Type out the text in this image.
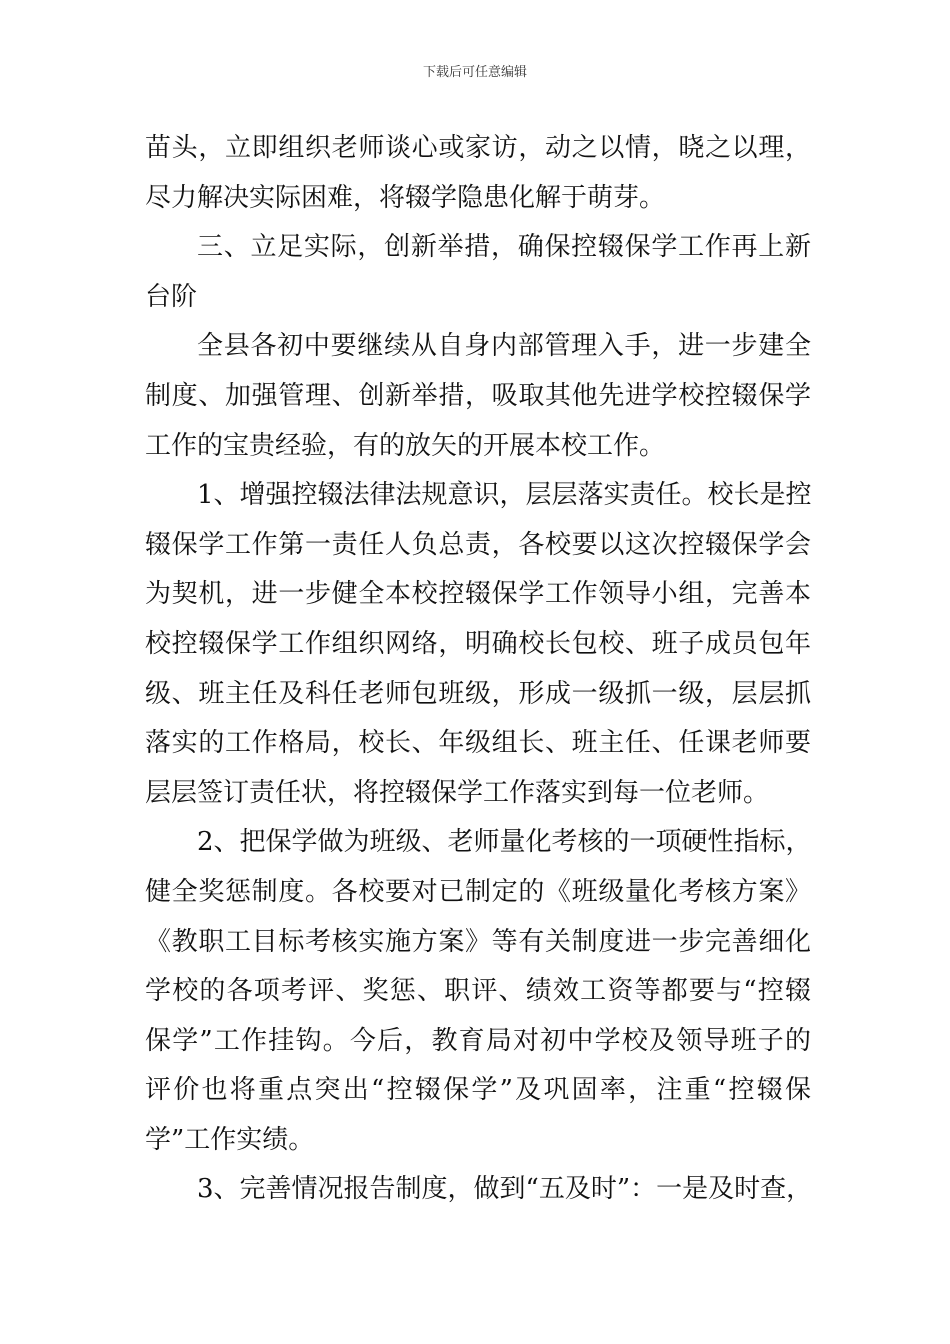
下载后可任意编辑
苗头，立即组织老师谈心或家访，动之以情，晓之以理，
尽力解决实际困难，将辍学隐患化解于萌芽。
三、立足实际，创新举措，确保控辍保学工作再上新
台阶
全县各初中要继续从自身内部管理入手，进一步建全
制度、加强管理、创新举措，吸取其他先进学校控辍保学
工作的宝贵经验，有的放矢的开展本校工作。
1、增强控辍法律法规意识，层层落实责任。校长是控
辍保学工作第一责任人负总责，各校要以这次控辍保学会
为契机，进一步健全本校控辍保学工作领导小组，完善本
校控辍保学工作组织网络，明确校长包校、班子成员包年
级、班主任及科任老师包班级，形成一级抓一级，层层抓
落实的工作格局，校长、年级组长、班主任、任课老师要
层层签订责任状，将控辍保学工作落实到每一位老师。
2、把保学做为班级、老师量化考核的一项硬性指标，
健全奖惩制度。各校要对已制定的《班级量化考核方案》
《教职工目标考核实施方案》等有关制度进一步完善细化
学校的各项考评、奖惩、职评、绩效工资等都要与“控辍
保学”工作挂钩。今后，教育局对初中学校及领导班子的
评价也将重点突出“控辍保学”及巩固率，注重“控辍保
学”工作实绩。
3、完善情况报告制度，做到“五及时”：一是及时查，
